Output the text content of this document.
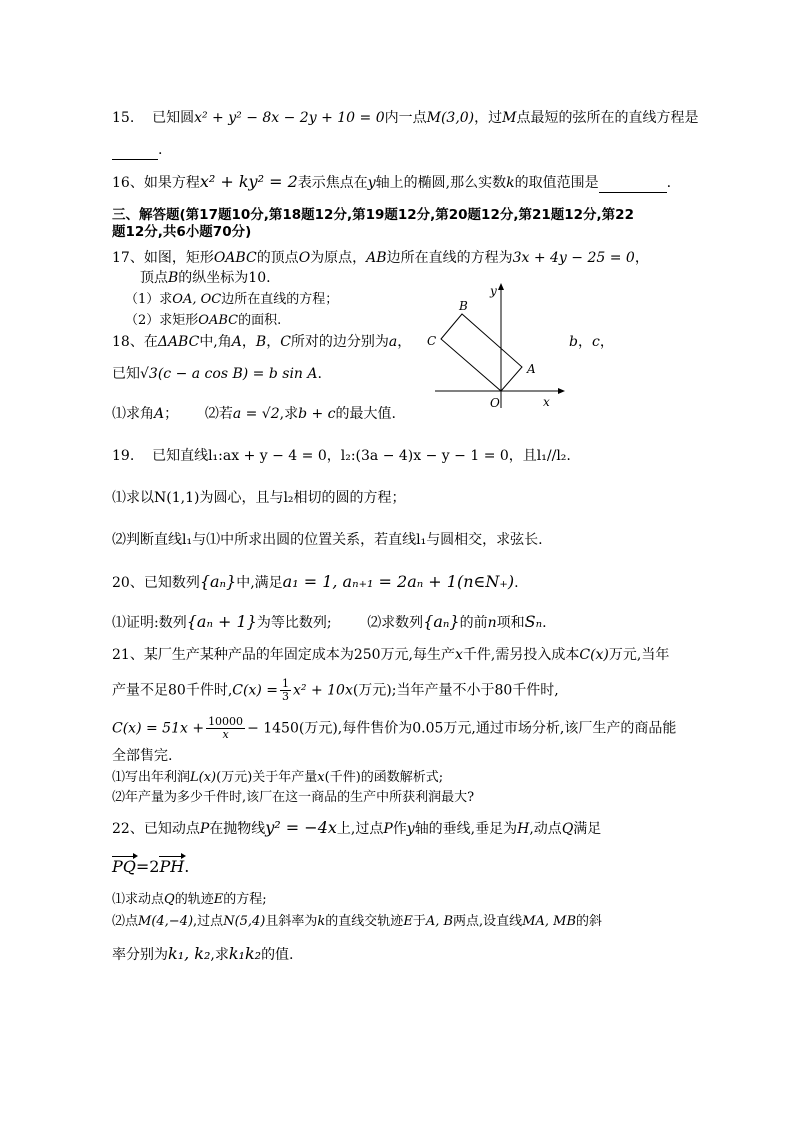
15. 已知圆x² + y² − 8x − 2y + 10 = 0内一点M(3,0)，过M点最短的弦所在的直线方程是
.
16、如果方程x² + ky² = 2表示焦点在y轴上的椭圆,那么实数k的取值范围是	.
三、解答题(第17题10分,第18题12分,第19题12分,第20题12分,第21题12分,第22
题12分,共6小题70分)
17、如图，矩形OABC的顶点O为原点，AB边所在直线的方程为3x + 4y − 25 = 0，
顶点B的纵坐标为10.
（1）求OA, OC边所在直线的方程；
（2）求矩形OABC的面积.
B
C
A
O	x
y
18、在ΔABC中,角A，B，C所对的边分别为a，	b，c，
已知√3(c − a cos B) = b sin A.
⑴求角A； ⑵若a = √2,求b + c的最大值.
19. 已知直线l₁:ax + y − 4 = 0，l₂:(3a − 4)x − y − 1 = 0，且l₁//l₂.
⑴求以N(1,1)为圆心，且与l₂相切的圆的方程；
⑵判断直线l₁与⑴中所求出圆的位置关系，若直线l₁与圆相交，求弦长.
20、已知数列{aₙ}中,满足a₁ = 1, aₙ₊₁ = 2aₙ + 1(n∈N₊).
⑴证明:数列{aₙ + 1}为等比数列;	⑵求数列{aₙ}的前n项和Sₙ.
21、某厂生产某种产品的年固定成本为250万元,每生产x千件,需另投入成本C(x)万元,当年
产量不足80千件时$,C(x) = \frac{1}{3} x^2 + 10x$(万元);当年产量不小于80千件时,
$C(x) = 51x + \frac{10000}{x} - 1450$(万元),每件售价为0.05万元,通过市场分析,该厂生产的商品能
全部售完.
⑴写出年利润L(x)(万元)关于年产量x(千件)的函数解析式;
⑵年产量为多少千件时,该厂在这一商品的生产中所获利润最大?
22、已知动点P在抛物线y² = −4x上,过点P作y轴的垂线,垂足为H,动点Q满足
PQ=2PH.
⑴求动点Q的轨迹E的方程;
⑵点M(4,−4),过点N(5,4)且斜率为k的直线交轨迹E于A, B两点,设直线MA, MB的斜
率分别为k₁, k₂,求k₁k₂的值.
